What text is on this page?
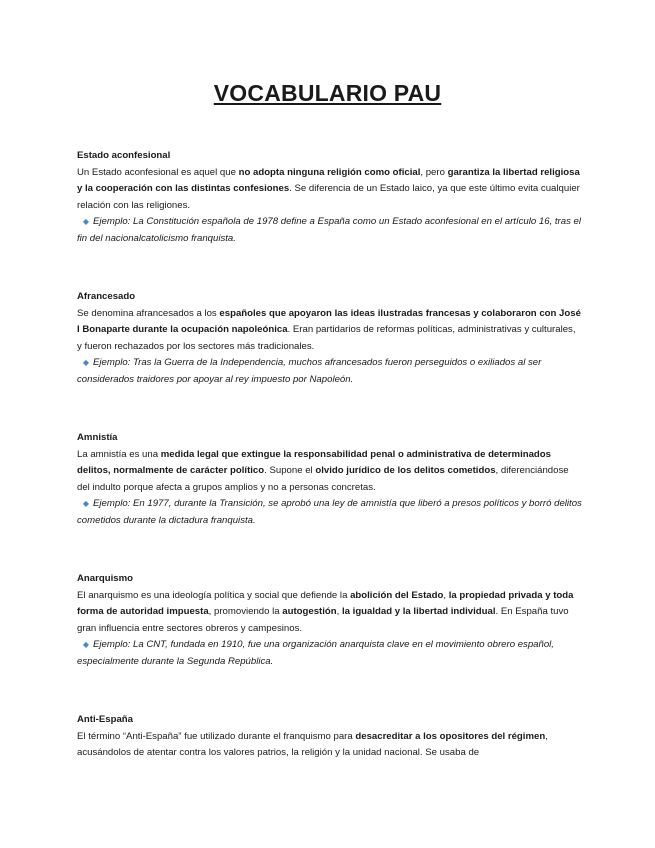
VOCABULARIO PAU
Estado aconfesional
Un Estado aconfesional es aquel que no adopta ninguna religión como oficial, pero garantiza la libertad religiosa y la cooperación con las distintas confesiones. Se diferencia de un Estado laico, ya que este último evita cualquier relación con las religiones.
◆ Ejemplo: La Constitución española de 1978 define a España como un Estado aconfesional en el artículo 16, tras el fin del nacionalcatolicismo franquista.
Afrancesado
Se denomina afrancesados a los españoles que apoyaron las ideas ilustradas francesas y colaboraron con José I Bonaparte durante la ocupación napoleónica. Eran partidarios de reformas políticas, administrativas y culturales, y fueron rechazados por los sectores más tradicionales.
◆ Ejemplo: Tras la Guerra de la Independencia, muchos afrancesados fueron perseguidos o exiliados al ser considerados traidores por apoyar al rey impuesto por Napoleón.
Amnistía
La amnistía es una medida legal que extingue la responsabilidad penal o administrativa de determinados delitos, normalmente de carácter político. Supone el olvido jurídico de los delitos cometidos, diferenciándose del indulto porque afecta a grupos amplios y no a personas concretas.
◆ Ejemplo: En 1977, durante la Transición, se aprobó una ley de amnistía que liberó a presos políticos y borró delitos cometidos durante la dictadura franquista.
Anarquismo
El anarquismo es una ideología política y social que defiende la abolición del Estado, la propiedad privada y toda forma de autoridad impuesta, promoviendo la autogestión, la igualdad y la libertad individual. En España tuvo gran influencia entre sectores obreros y campesinos.
◆ Ejemplo: La CNT, fundada en 1910, fue una organización anarquista clave en el movimiento obrero español, especialmente durante la Segunda República.
Anti-España
El término “Anti-España” fue utilizado durante el franquismo para desacreditar a los opositores del régimen, acusándolos de atentar contra los valores patrios, la religión y la unidad nacional. Se usaba de
